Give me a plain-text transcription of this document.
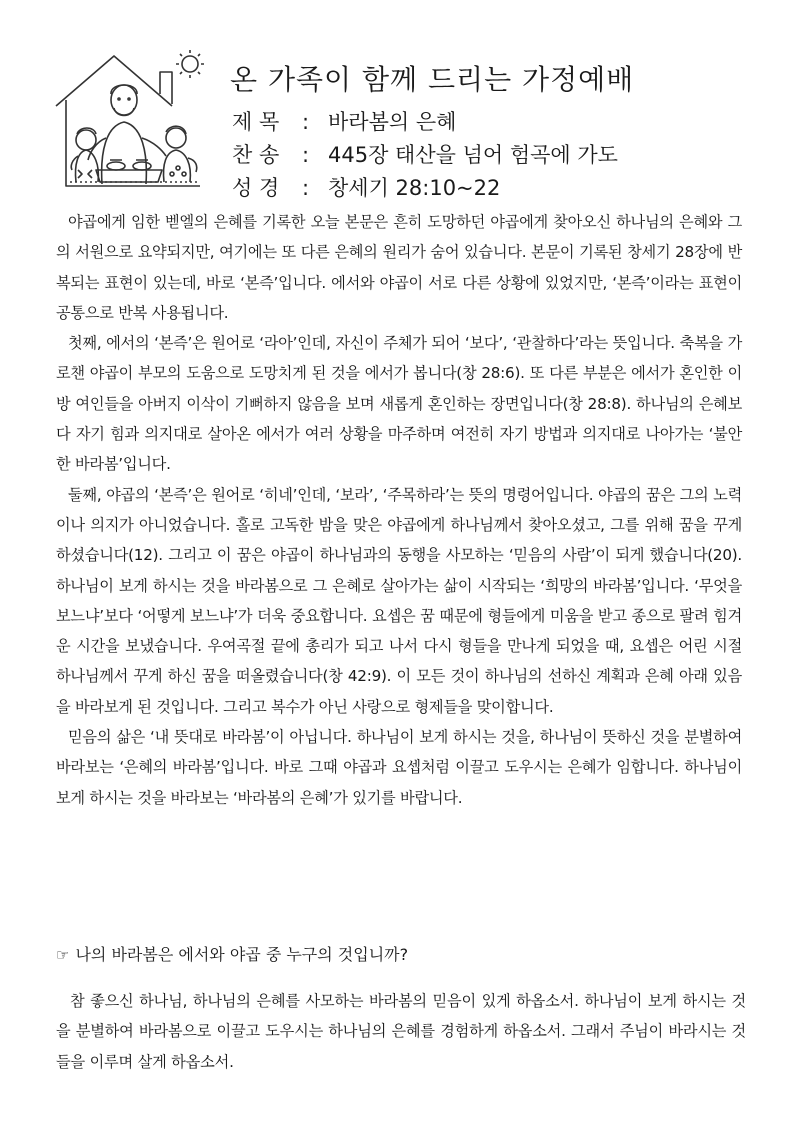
온 가족이 함께 드리는 가정예배
제 목 : 바라봄의 은혜
찬 송 : 445장 태산을 넘어 험곡에 가도
성 경 : 창세기 28:10~22

야곱에게 임한 벧엘의 은혜를 기록한 오늘 본문은 흔히 도망하던 야곱에게 찾아오신 하나님의 은혜와 그의 서원으로 요약되지만, 여기에는 또 다른 은혜의 원리가 숨어 있습니다. 본문이 기록된 창세기 28장에 반복되는 표현이 있는데, 바로 ‘본즉’입니다. 에서와 야곱이 서로 다른 상황에 있었지만, ‘본즉’이라는 표현이 공통으로 반복 사용됩니다.

첫째, 에서의 ‘본즉’은 원어로 ‘라아’인데, 자신이 주체가 되어 ‘보다’, ‘관찰하다’라는 뜻입니다. 축복을 가로챈 야곱이 부모의 도움으로 도망치게 된 것을 에서가 봅니다(창 28:6). 또 다른 부분은 에서가 혼인한 이방 여인들을 아버지 이삭이 기뻐하지 않음을 보며 새롭게 혼인하는 장면입니다(창 28:8). 하나님의 은혜보다 자기 힘과 의지대로 살아온 에서가 여러 상황을 마주하며 여전히 자기 방법과 의지대로 나아가는 ‘불안한 바라봄’입니다.

둘째, 야곱의 ‘본즉’은 원어로 ‘히네’인데, ‘보라’, ‘주목하라’는 뜻의 명령어입니다. 야곱의 꿈은 그의 노력이나 의지가 아니었습니다. 홀로 고독한 밤을 맞은 야곱에게 하나님께서 찾아오셨고, 그를 위해 꿈을 꾸게 하셨습니다(12). 그리고 이 꿈은 야곱이 하나님과의 동행을 사모하는 ‘믿음의 사람’이 되게 했습니다(20). 하나님이 보게 하시는 것을 바라봄으로 그 은혜로 살아가는 삶이 시작되는 ‘희망의 바라봄’입니다. ‘무엇을 보느냐’보다 ‘어떻게 보느냐’가 더욱 중요합니다. 요셉은 꿈 때문에 형들에게 미움을 받고 종으로 팔려 힘겨운 시간을 보냈습니다. 우여곡절 끝에 총리가 되고 나서 다시 형들을 만나게 되었을 때, 요셉은 어린 시절 하나님께서 꾸게 하신 꿈을 떠올렸습니다(창 42:9). 이 모든 것이 하나님의 선하신 계획과 은혜 아래 있음을 바라보게 된 것입니다. 그리고 복수가 아닌 사랑으로 형제들을 맞이합니다.

믿음의 삶은 ‘내 뜻대로 바라봄’이 아닙니다. 하나님이 보게 하시는 것을, 하나님이 뜻하신 것을 분별하여 바라보는 ‘은혜의 바라봄’입니다. 바로 그때 야곱과 요셉처럼 이끌고 도우시는 은혜가 임합니다. 하나님이 보게 하시는 것을 바라보는 ‘바라봄의 은혜’가 있기를 바랍니다.

☞ 나의 바라봄은 에서와 야곱 중 누구의 것입니까?
참 좋으신 하나님, 하나님의 은혜를 사모하는 바라봄의 믿음이 있게 하옵소서. 하나님이 보게 하시는 것을 분별하여 바라봄으로 이끌고 도우시는 하나님의 은혜를 경험하게 하옵소서. 그래서 주님이 바라시는 것들을 이루며 살게 하옵소서.
